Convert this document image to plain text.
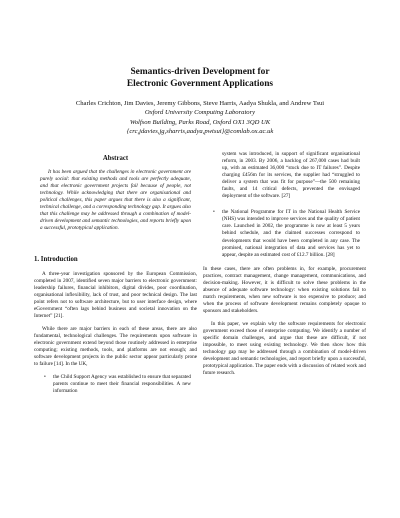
Semantics-driven Development for
Electronic Government Applications
Charles Crichton, Jim Davies, Jeremy Gibbons, Steve Harris, Aadya Shukla, and Andrew Tsui
Oxford University Computing Laboratory
Wolfson Building, Parks Road, Oxford OX1 3QD UK
{crc,jdavies,jg,sharris,aadya,pwtsui}@comlab.ox.ac.uk
Abstract

It has been argued that the challenges in electronic government are purely social: that existing methods and tools are perfectly adequate, and that electronic government projects fail because of people, not technology. While acknowledging that there are organisational and political challenges, this paper argues that there is also a significant, technical challenge, and a corresponding technology gap. It argues also that this challenge may be addressed through a combination of model-driven development and semantic technologies, and reports briefly upon a successful, prototypical application.

1. Introduction

A three-year investigation sponsored by the European Commission, completed in 2007, identified seven major barriers to electronic government: leadership failures, financial inhibitors, digital divides, poor coordination, organisational inflexibility, lack of trust, and poor technical design. The last point refers not to software architecture, but to user interface design, where eGovernment “often lags behind business and societal innovation on the Internet” [21].

While there are major barriers in each of these areas, there are also fundamental, technological challenges. The requirements upon software in electronic government extend beyond those routinely addressed in enterprise computing; existing methods, tools, and platforms are not enough; and software development projects in the public sector appear particularly prone to failure [14]. In the UK,

• the Child Support Agency was established to ensure that separated parents continue to meet their financial responsibilities. A new information
system was introduced, in support of significant organisational reform, in 2003. By 2006, a backlog of 267,000 cases had built up, with an estimated 36,000 “stuck due to IT failures”. Despite charging £456m for its services, the supplier had “struggled to deliver a system that was fit for purpose”—the 500 remaining faults, and 14 critical defects, prevented the envisaged deployment of the software. [27]
• the National Programme for IT in the National Health Service (NHS) was intended to improve services and the quality of patient care. Launched in 2002, the programme is now at least 5 years behind schedule, and the claimed successes correspond to developments that would have been completed in any case. The promised, national integration of data and services has yet to appear, despite an estimated cost of £12.7 billion. [28]

In these cases, there are often problems in, for example, procurement practices, contract management, change management, communications, and decision-making. However, it is difficult to solve these problems in the absence of adequate software technology: when existing solutions fail to match requirements, when new software is too expensive to produce; and when the process of software development remains completely opaque to sponsors and stakeholders.

In this paper, we explain why the software requirements for electronic government exceed those of enterprise computing. We identify a number of specific domain challenges, and argue that these are difficult, if not impossible, to meet using existing technology. We then show how this technology gap may be addressed through a combination of model-driven development and semantic technologies, and report briefly upon a successful, prototypical application. The paper ends with a discussion of related work and future research.
